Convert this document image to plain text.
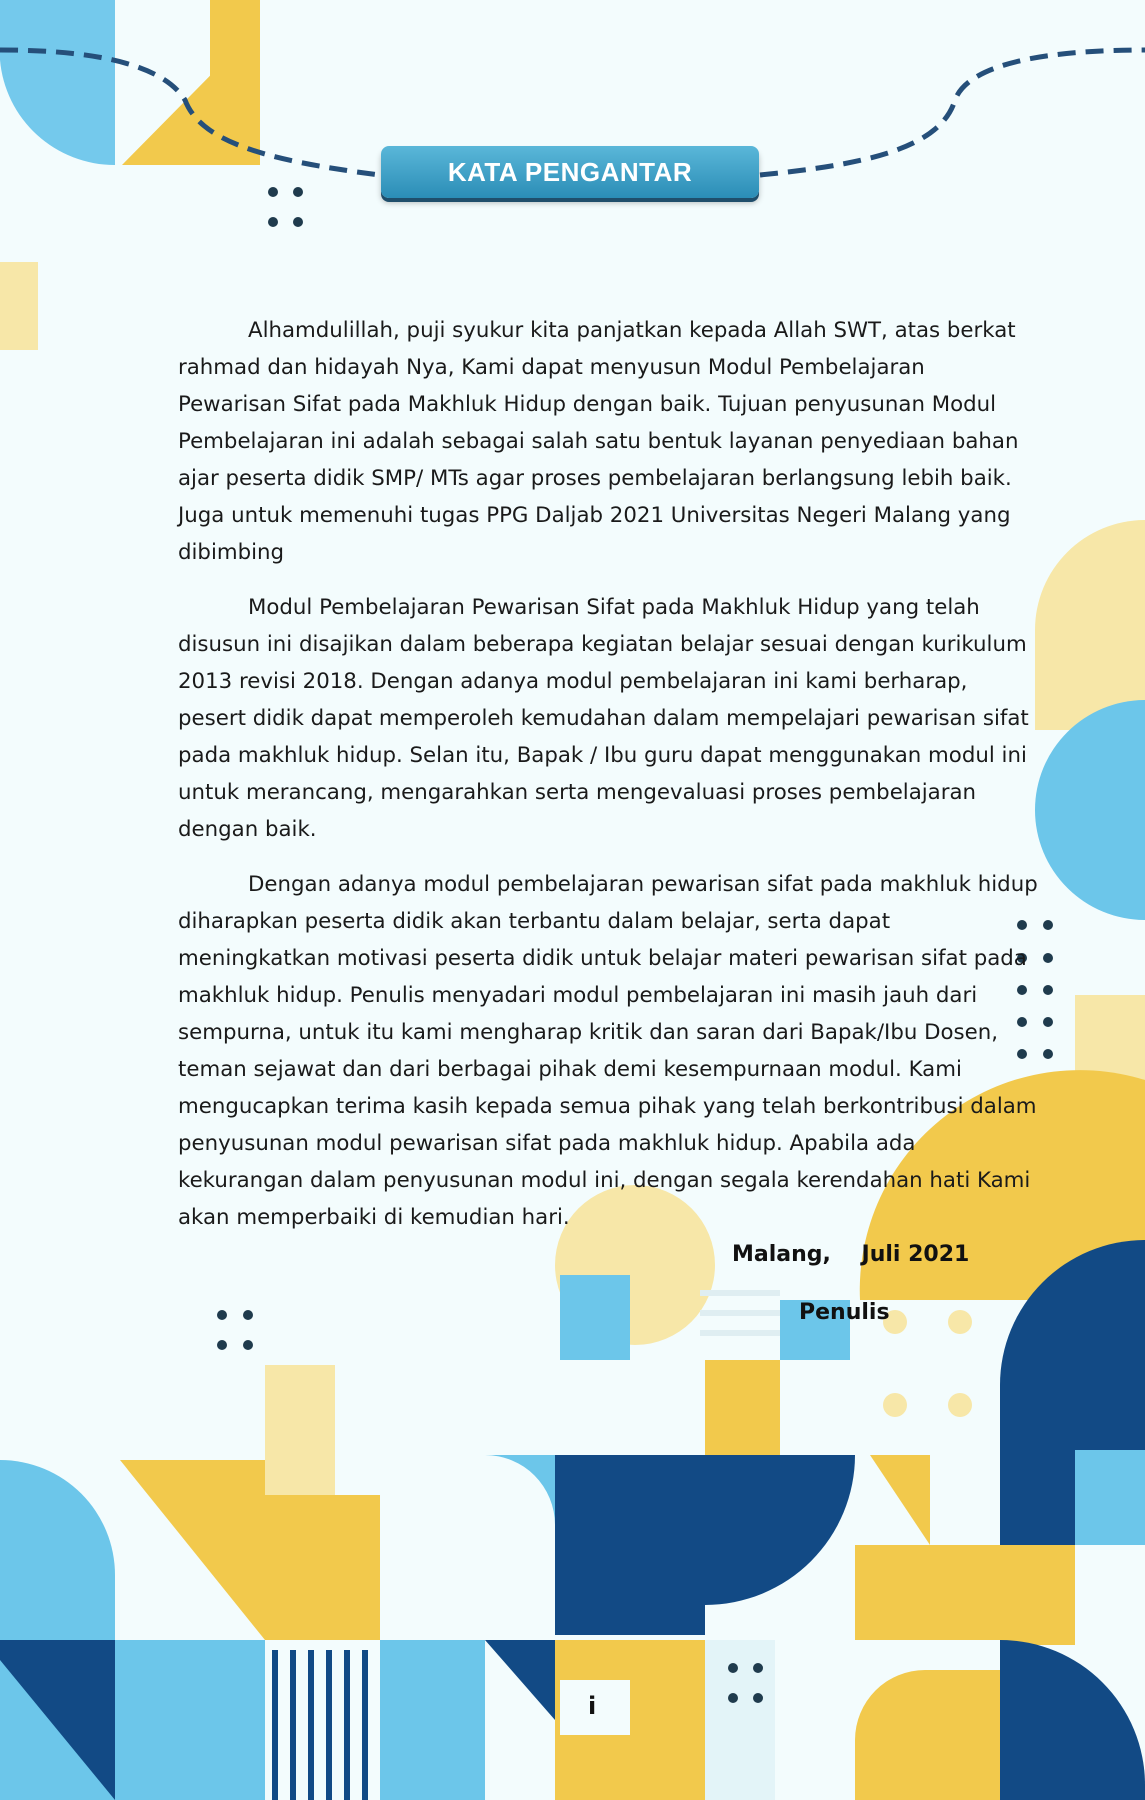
KATA PENGANTAR

Alhamdulillah, puji syukur kita panjatkan kepada Allah SWT, atas berkat rahmad dan hidayah Nya, Kami dapat menyusun Modul Pembelajaran Pewarisan Sifat pada Makhluk Hidup dengan baik. Tujuan penyusunan Modul Pembelajaran ini adalah sebagai salah satu bentuk layanan penyediaan bahan ajar peserta didik SMP/ MTs agar proses pembelajaran berlangsung lebih baik. Juga untuk memenuhi tugas PPG Daljab 2021 Universitas Negeri Malang yang dibimbing

Modul Pembelajaran Pewarisan Sifat pada Makhluk Hidup yang telah disusun ini disajikan dalam beberapa kegiatan belajar sesuai dengan kurikulum 2013 revisi 2018. Dengan adanya modul pembelajaran ini kami berharap, pesert didik dapat memperoleh kemudahan dalam mempelajari pewarisan sifat pada makhluk hidup. Selan itu, Bapak / Ibu guru dapat menggunakan modul ini untuk merancang, mengarahkan serta mengevaluasi proses pembelajaran dengan baik.

Dengan adanya modul pembelajaran pewarisan sifat pada makhluk hidup diharapkan peserta didik akan terbantu dalam belajar, serta dapat meningkatkan motivasi peserta didik untuk belajar materi pewarisan sifat pada makhluk hidup. Penulis menyadari modul pembelajaran ini masih jauh dari sempurna, untuk itu kami mengharap kritik dan saran dari Bapak/Ibu Dosen, teman sejawat dan dari berbagai pihak demi kesempurnaan modul. Kami mengucapkan terima kasih kepada semua pihak yang telah berkontribusi dalam penyusunan modul pewarisan sifat pada makhluk hidup. Apabila ada kekurangan dalam penyusunan modul ini, dengan segala kerendahan hati Kami akan memperbaiki di kemudian hari.

Malang,    Juli 2021
Penulis
i
